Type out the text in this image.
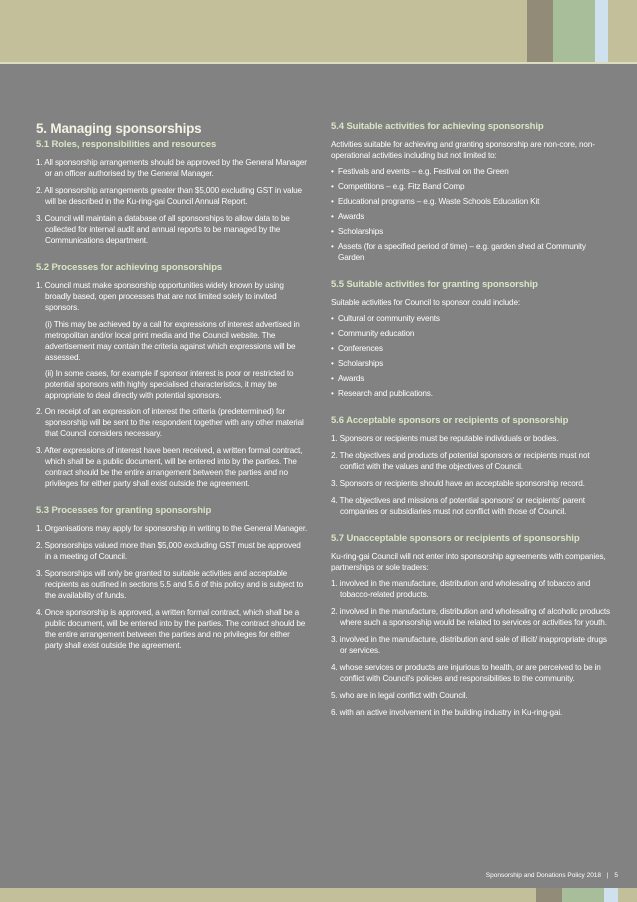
5. Managing sponsorships
5.1 Roles, responsibilities and resources
1. All sponsorship arrangements should be approved by the General Manager or an officer authorised by the General Manager.
2. All sponsorship arrangements greater than $5,000 excluding GST in value will be described in the Ku-ring-gai Council Annual Report.
3. Council will maintain a database of all sponsorships to allow data to be collected for internal audit and annual reports to be managed by the Communications department.
5.2 Processes for achieving sponsorships
1. Council must make sponsorship opportunities widely known by using broadly based, open processes that are not limited solely to invited sponsors.
(i) This may be achieved by a call for expressions of interest advertised in metropolitan and/or local print media and the Council website. The advertisement may contain the criteria against which expressions will be assessed.
(ii) In some cases, for example if sponsor interest is poor or restricted to potential sponsors with highly specialised characteristics, it may be appropriate to deal directly with potential sponsors.
2. On receipt of an expression of interest the criteria (predetermined) for sponsorship will be sent to the respondent together with any other material that Council considers necessary.
3. After expressions of interest have been received, a written formal contract, which shall be a public document, will be entered into by the parties. The contract should be the entire arrangement between the parties and no privileges for either party shall exist outside the agreement.
5.3 Processes for granting sponsorship
1. Organisations may apply for sponsorship in writing to the General Manager.
2. Sponsorships valued more than $5,000 excluding GST must be approved in a meeting of Council.
3. Sponsorships will only be granted to suitable activities and acceptable recipients as outlined in sections 5.5 and 5.6 of this policy and is subject to the availability of funds.
4. Once sponsorship is approved, a written formal contract, which shall be a public document, will be entered into by the parties. The contract should be the entire arrangement between the parties and no privileges for either party shall exist outside the agreement.
5.4 Suitable activities for achieving sponsorship

Activities suitable for achieving and granting sponsorship are non-core, non-operational activities including but not limited to:

• Festivals and events – e.g. Festival on the Green
• Competitions – e.g. Fitz Band Comp
• Educational programs – e.g. Waste Schools Education Kit
• Awards
• Scholarships
• Assets (for a specified period of time) – e.g. garden shed at Community Garden
5.5 Suitable activities for granting sponsorship

Suitable activities for Council to sponsor could include:

• Cultural or community events
• Community education
• Conferences
• Scholarships
• Awards
• Research and publications.
5.6 Acceptable sponsors or recipients of sponsorship
1. Sponsors or recipients must be reputable individuals or bodies.
2. The objectives and products of potential sponsors or recipients must not conflict with the values and the objectives of Council.
3. Sponsors or recipients should have an acceptable sponsorship record.
4. The objectives and missions of potential sponsors' or recipients' parent companies or subsidiaries must not conflict with those of Council.
5.7 Unacceptable sponsors or recipients of sponsorship

Ku-ring-gai Council will not enter into sponsorship agreements with companies, partnerships or sole traders:

1. involved in the manufacture, distribution and wholesaling of tobacco and tobacco-related products.
2. involved in the manufacture, distribution and wholesaling of alcoholic products where such a sponsorship would be related to services or activities for youth.
3. involved in the manufacture, distribution and sale of illicit/ inappropriate drugs or services.
4. whose services or products are injurious to health, or are perceived to be in conflict with Council's policies and responsibilities to the community.
5. who are in legal conflict with Council.
6. with an active involvement in the building industry in Ku-ring-gai.
Sponsorship and Donations Policy 2018 | 5
